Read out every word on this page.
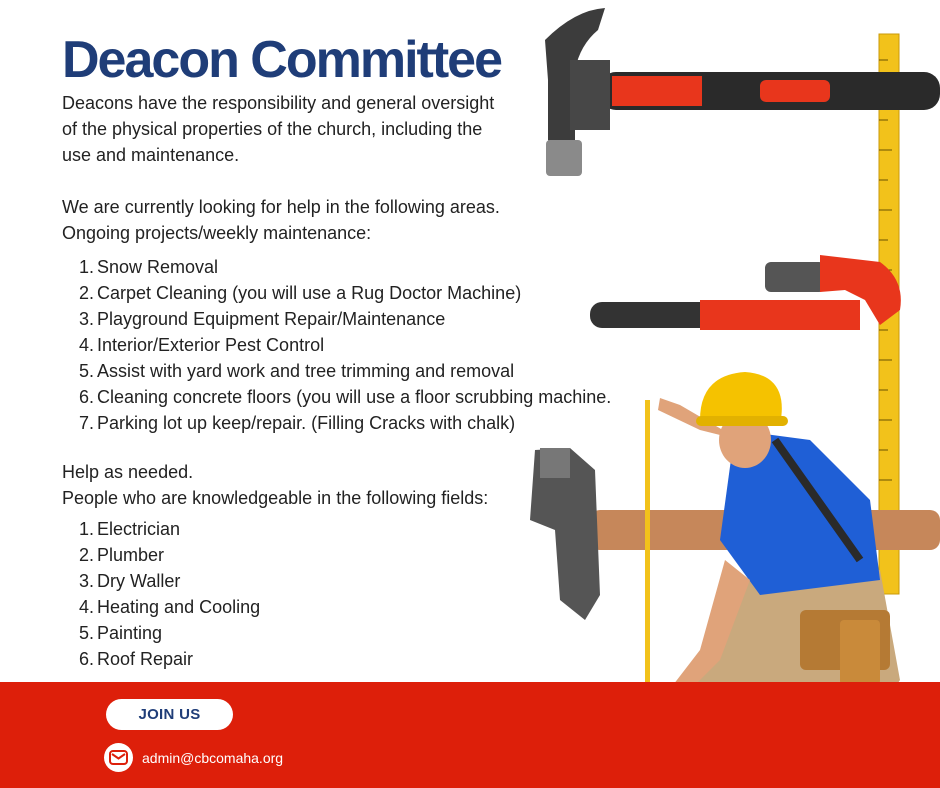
Deacon Committee
Deacons have the responsibility and general oversight of the physical properties of the church, including the use and maintenance.

We are currently looking for help in the following areas.

Ongoing projects/weekly maintenance:

1. Snow Removal
2. Carpet Cleaning (you will use a Rug Doctor Machine)
3. Playground Equipment Repair/Maintenance
4. Interior/Exterior Pest Control
5. Assist with yard work and tree trimming and removal
6. Cleaning concrete floors (you will use a floor scrubbing machine.
7. Parking lot up keep/repair. (Filling Cracks with chalk)

Help as needed.

People who are knowledgeable in the following fields:

1. Electrician
2. Plumber
3. Dry Waller
4. Heating and Cooling
5. Painting
6. Roof Repair
JOIN US
admin@cbcomaha.org
